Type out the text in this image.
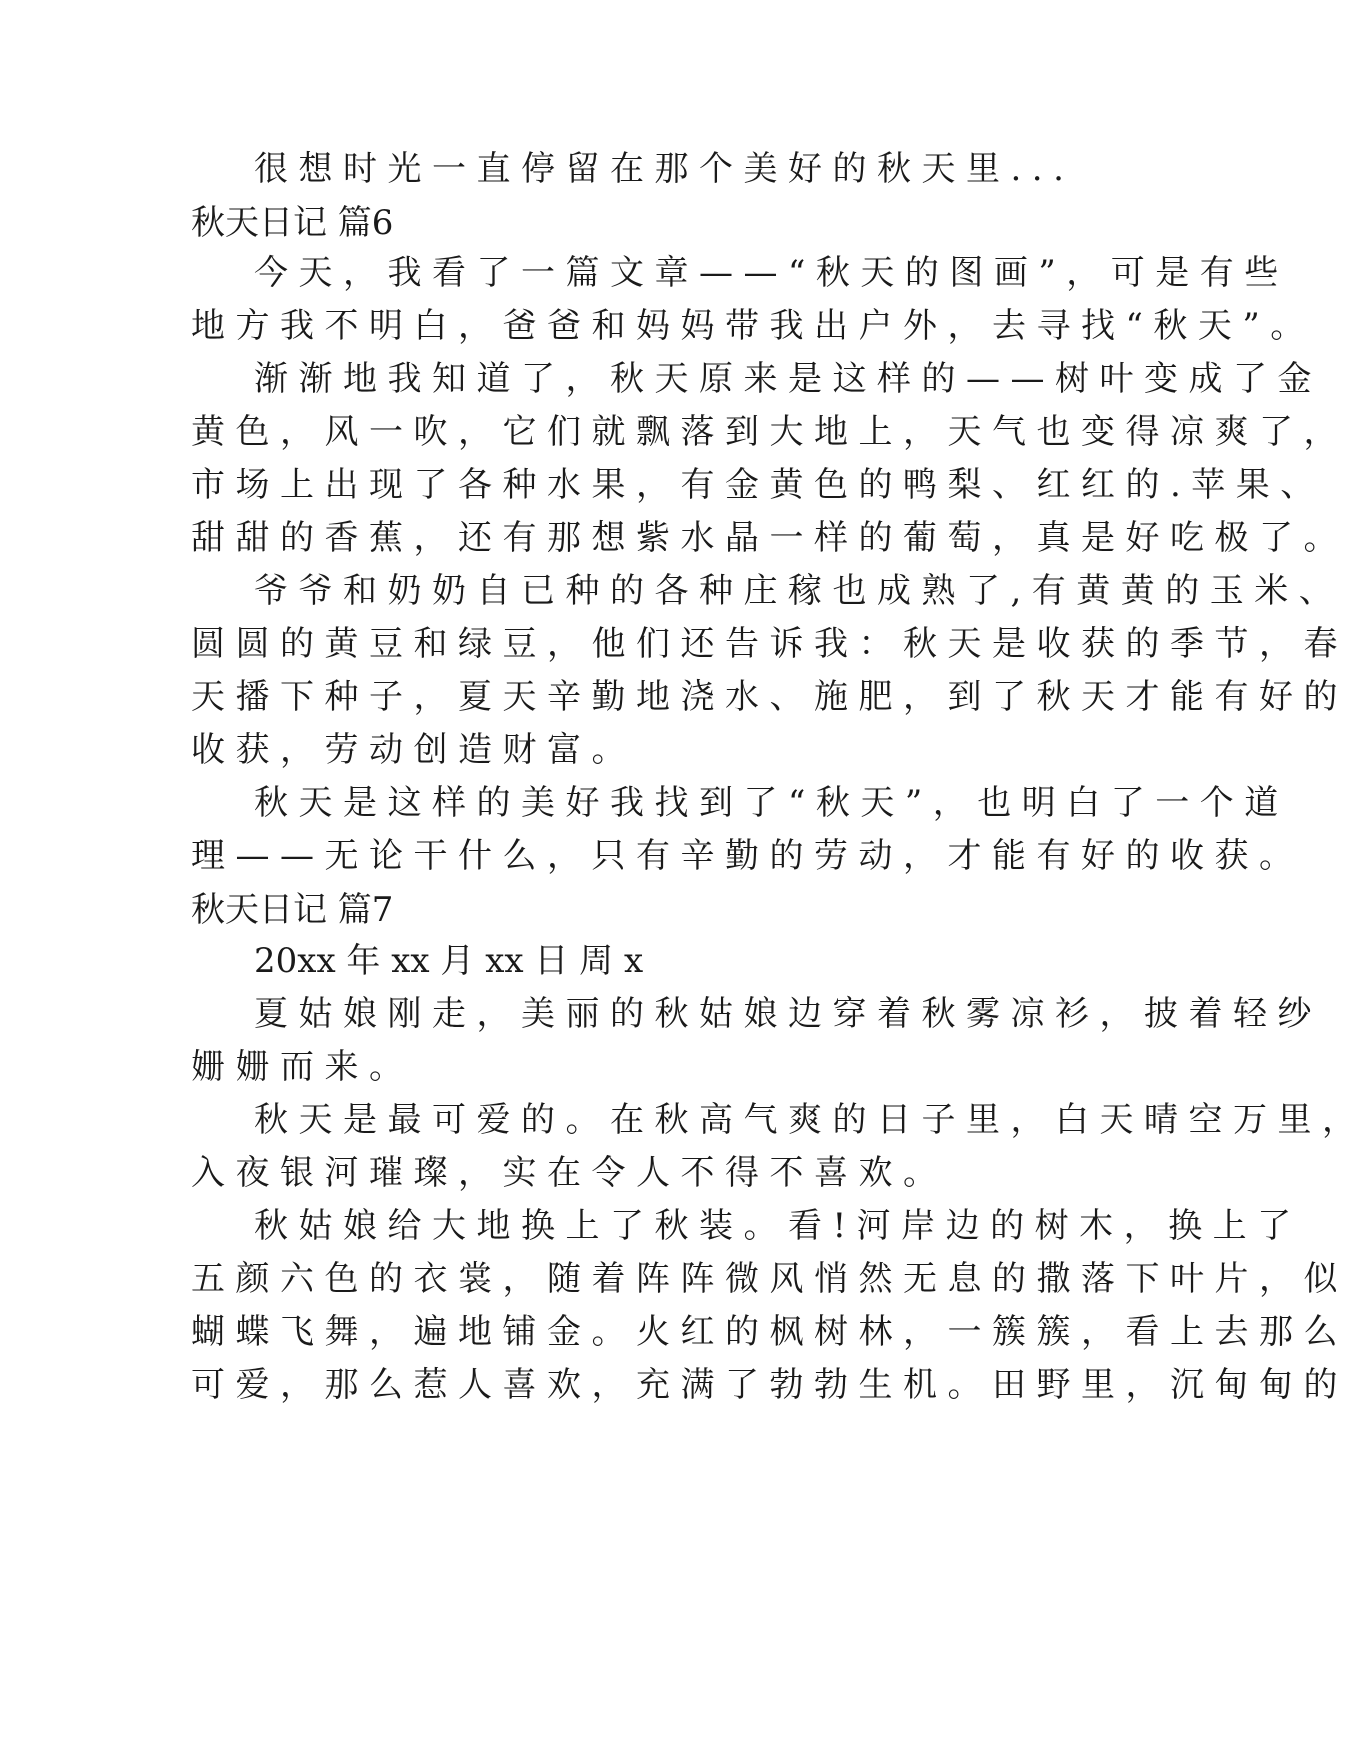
很想时光一直停留在那个美好的秋天里...
秋天日记 篇6
今天，我看了一篇文章——“秋天的图画”，可是有些
地方我不明白，爸爸和妈妈带我出户外，去寻找“秋天”。
渐渐地我知道了，秋天原来是这样的——树叶变成了金
黄色，风一吹，它们就飘落到大地上，天气也变得凉爽了，
市场上出现了各种水果，有金黄色的鸭梨、红红的.苹果、
甜甜的香蕉，还有那想紫水晶一样的葡萄，真是好吃极了。
爷爷和奶奶自已种的各种庄稼也成熟了,有黄黄的玉米、
圆圆的黄豆和绿豆，他们还告诉我：秋天是收获的季节，春
天播下种子，夏天辛勤地浇水、施肥，到了秋天才能有好的
收获，劳动创造财富。
秋天是这样的美好我找到了“秋天”，也明白了一个道
理——无论干什么，只有辛勤的劳动，才能有好的收获。
秋天日记 篇7
20xx 年 xx 月 xx 日 周 x
夏姑娘刚走，美丽的秋姑娘边穿着秋雾凉衫，披着轻纱
姗姗而来。
秋天是最可爱的。在秋高气爽的日子里，白天晴空万里，
入夜银河璀璨，实在令人不得不喜欢。
秋姑娘给大地换上了秋装。看!河岸边的树木，换上了
五颜六色的衣裳，随着阵阵微风悄然无息的撒落下叶片，似
蝴蝶飞舞，遍地铺金。火红的枫树林，一簇簇，看上去那么
可爱，那么惹人喜欢，充满了勃勃生机。田野里，沉甸甸的
